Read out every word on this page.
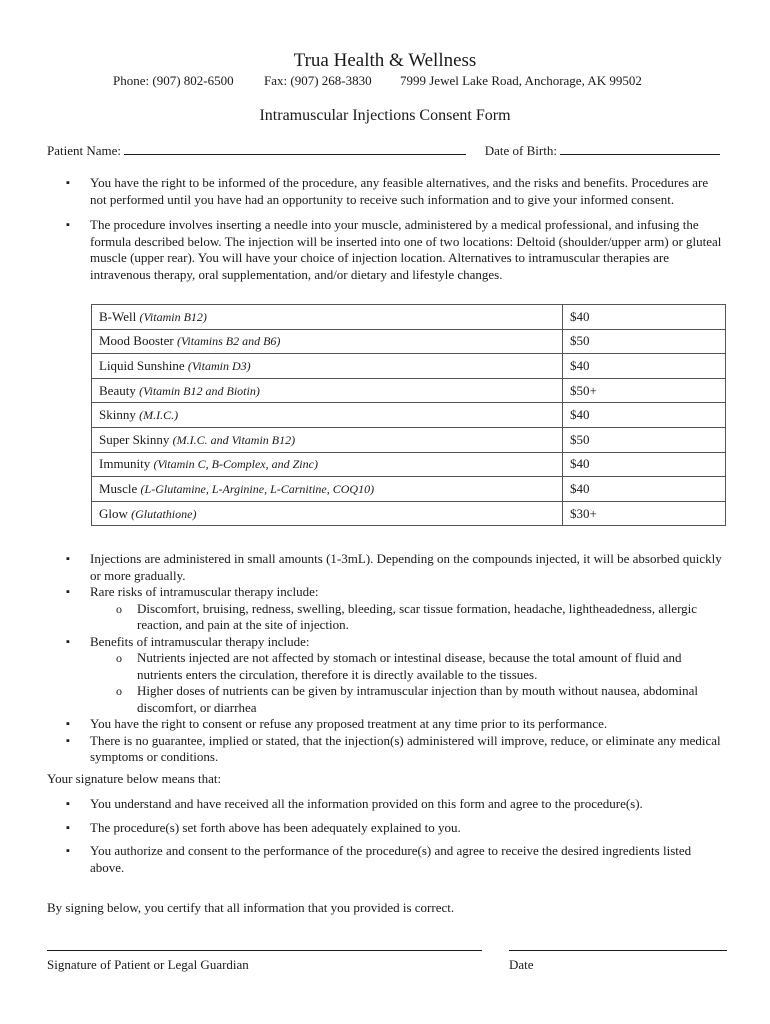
Trua Health & Wellness
Phone: (907) 802-6500 Fax: (907) 268-3830 7999 Jewel Lake Road, Anchorage, AK 99502
Intramuscular Injections Consent Form
Patient Name:	Date of Birth:
▪ You have the right to be informed of the procedure, any feasible alternatives, and the risks and benefits. Procedures are not performed until you have had an opportunity to receive such information and to give your informed consent.
▪ The procedure involves inserting a needle into your muscle, administered by a medical professional, and infusing the formula described below. The injection will be inserted into one of two locations: Deltoid (shoulder/upper arm) or gluteal muscle (upper rear). You will have your choice of injection location. Alternatives to intramuscular therapies are intravenous therapy, oral supplementation, and/or dietary and lifestyle changes.
B-Well (Vitamin B12)	$40
Mood Booster (Vitamins B2 and B6)	$50
Liquid Sunshine (Vitamin D3)	$40
Beauty (Vitamin B12 and Biotin)	$50+
Skinny (M.I.C.)	$40
Super Skinny (M.I.C. and Vitamin B12)	$50
Immunity (Vitamin C, B-Complex, and Zinc)	$40
Muscle (L-Glutamine, L-Arginine, L-Carnitine, COQ10)	$40
Glow (Glutathione)	$30+
▪ Injections are administered in small amounts (1-3mL). Depending on the compounds injected, it will be absorbed quickly or more gradually.
▪ Rare risks of intramuscular therapy include:
o Discomfort, bruising, redness, swelling, bleeding, scar tissue formation, headache, lightheadedness, allergic reaction, and pain at the site of injection.
▪ Benefits of intramuscular therapy include:
o Nutrients injected are not affected by stomach or intestinal disease, because the total amount of fluid and nutrients enters the circulation, therefore it is directly available to the tissues.
o Higher doses of nutrients can be given by intramuscular injection than by mouth without nausea, abdominal discomfort, or diarrhea
▪ You have the right to consent or refuse any proposed treatment at any time prior to its performance.
▪ There is no guarantee, implied or stated, that the injection(s) administered will improve, reduce, or eliminate any medical symptoms or conditions.
Your signature below means that:
▪ You understand and have received all the information provided on this form and agree to the procedure(s).
▪ The procedure(s) set forth above has been adequately explained to you.
▪ You authorize and consent to the performance of the procedure(s) and agree to receive the desired ingredients listed above.
By signing below, you certify that all information that you provided is correct.
Signature of Patient or Legal Guardian	Date
